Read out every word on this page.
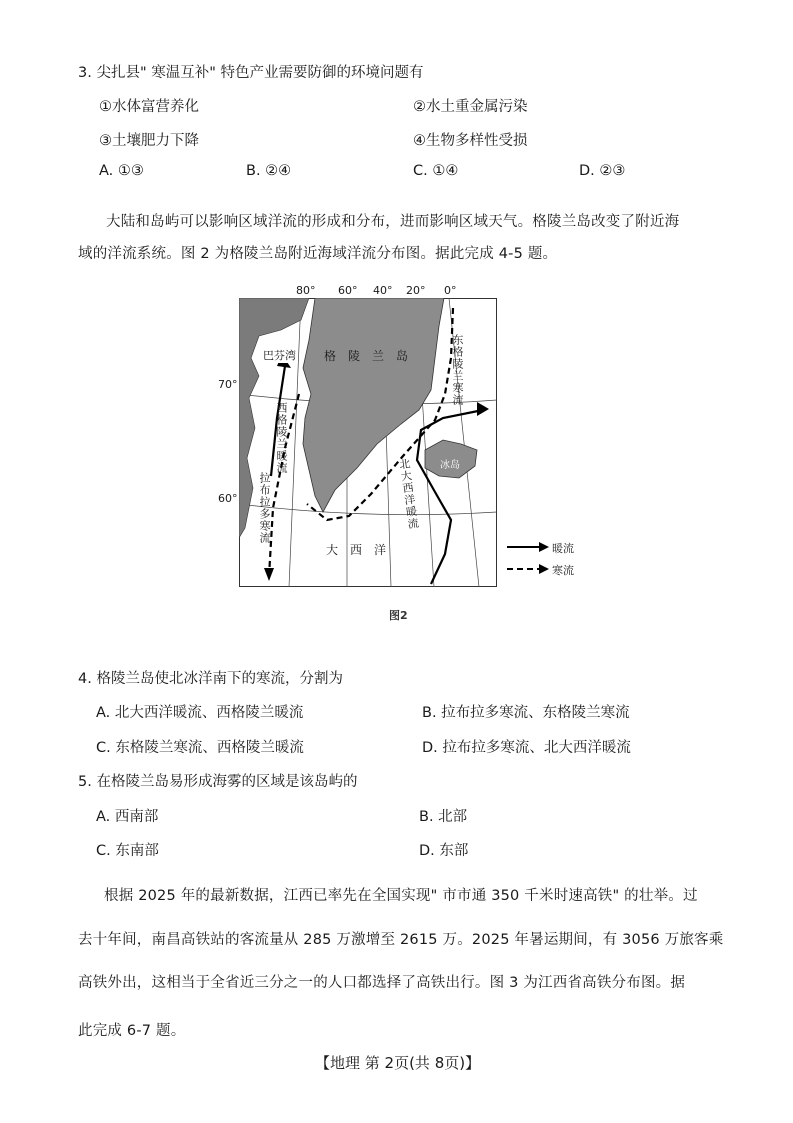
3. 尖扎县" 寒温互补" 特色产业需要防御的环境问题有
①水体富营养化	②水土重金属污染
③土壤肥力下降	④生物多样性受损
A. ①③	B. ②④	C. ①④	D. ②③
大陆和岛屿可以影响区域洋流的形成和分布，进而影响区域天气。格陵兰岛改变了附近海
域的洋流系统。图 2 为格陵兰岛附近海域洋流分布图。据此完成 4-5 题。
80° 60° 40° 20° 0°
70°
60°
巴芬湾 格 陵 兰 岛	东格陵兰寒流
西格陵兰暖流
拉布拉多寒流	北大西洋暖流 冰岛
大 西 洋	暖流
寒流
图2
4. 格陵兰岛使北冰洋南下的寒流，分割为
A. 北大西洋暖流、西格陵兰暖流	B. 拉布拉多寒流、东格陵兰寒流
C. 东格陵兰寒流、西格陵兰暖流	D. 拉布拉多寒流、北大西洋暖流
5. 在格陵兰岛易形成海雾的区域是该岛屿的
A. 西南部	B. 北部
C. 东南部	D. 东部
根据 2025 年的最新数据，江西已率先在全国实现" 市市通 350 千米时速高铁" 的壮举。过
去十年间，南昌高铁站的客流量从 285 万激增至 2615 万。2025 年暑运期间，有 3056 万旅客乘
高铁外出，这相当于全省近三分之一的人口都选择了高铁出行。图 3 为江西省高铁分布图。据
此完成 6-7 题。
【地理 第 2页(共 8页)】
